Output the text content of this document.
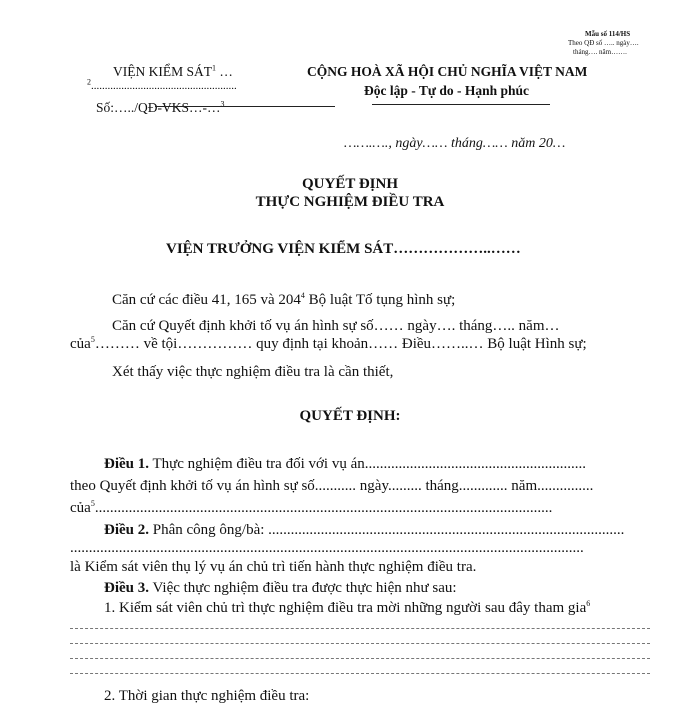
Mẫu số 114/HS
Theo QĐ số ….. ngày….
tháng…. năm…….
VIỆN KIỂM SÁT$^1$ …
$^2$.....................................................
Số:…../QĐ-VKS…-…$^3$
CỘNG HOÀ XÃ HỘI CHỦ NGHĨA VIỆT NAM
Độc lập - Tự do - Hạnh phúc
…….…., ngày…… tháng…… năm 20…
QUYẾT ĐỊNH
THỰC NGHIỆM ĐIỀU TRA
VIỆN TRƯỞNG VIỆN KIỂM SÁT………………..……
Căn cứ các điều 41, 165 và $204^4$ Bộ luật Tố tụng hình sự;
Căn cứ Quyết định khởi tố vụ án hình sự số…… ngày…. tháng….. năm…
của$^5$……… về tội…………… quy định tại khoản…… Điều……..… Bộ luật Hình sự;
Xét thấy việc thực nghiệm điều tra là cần thiết,
QUYẾT ĐỊNH:
Điều 1. Thực nghiệm điều tra đối với vụ án...........................................................
theo Quyết định khởi tố vụ án hình sự số........... ngày......... tháng............. năm...............
của$^5$..........................................................................................................................
Điều 2. Phân công ông/bà: ...............................................................................................
.........................................................................................................................................
là Kiểm sát viên thụ lý vụ án chủ trì tiến hành thực nghiệm điều tra.
Điều 3. Việc thực nghiệm điều tra được thực hiện như sau:
1. Kiểm sát viên chủ trì thực nghiệm điều tra mời những người sau đây tham gia$^6$
2. Thời gian thực nghiệm điều tra:
